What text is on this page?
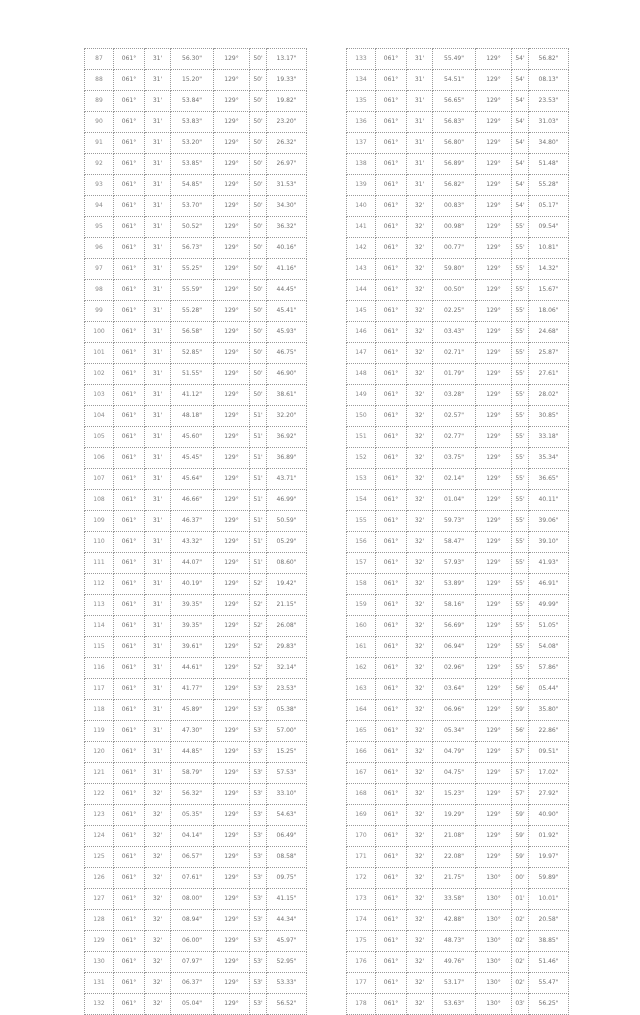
87	061°	31'	56.30"	129°	50'	13.17"
88	061°	31'	15.20"	129°	50'	19.33"
89	061°	31'	53.84"	129°	50'	19.82"
90	061°	31'	53.83"	129°	50'	23.20"
91	061°	31'	53.20"	129°	50'	26.32"
92	061°	31'	53.85"	129°	50'	26.97"
93	061°	31'	54.85"	129°	50'	31.53"
94	061°	31'	53.70"	129°	50'	34.30"
95	061°	31'	50.52"	129°	50'	36.32"
96	061°	31'	56.73"	129°	50'	40.16"
97	061°	31'	55.25"	129°	50'	41.16"
98	061°	31'	55.59"	129°	50'	44.45"
99	061°	31'	55.28"	129°	50'	45.41"
100	061°	31'	56.58"	129°	50'	45.93"
101	061°	31'	52.85"	129°	50'	46.75"
102	061°	31'	51.55"	129°	50'	46.90"
103	061°	31'	41.12"	129°	50'	38.61"
104	061°	31'	48.18"	129°	51'	32.20"
105	061°	31'	45.60"	129°	51'	36.92"
106	061°	31'	45.45"	129°	51'	36.89"
107	061°	31'	45.64"	129°	51'	43.71"
108	061°	31'	46.66"	129°	51'	46.99"
109	061°	31'	46.37"	129°	51'	50.59"
110	061°	31'	43.32"	129°	51'	05.29"
111	061°	31'	44.07"	129°	51'	08.60"
112	061°	31'	40.19"	129°	52'	19.42"
113	061°	31'	39.35"	129°	52'	21.15"
114	061°	31'	39.35"	129°	52'	26.08"
115	061°	31'	39.61"	129°	52'	29.83"
116	061°	31'	44.61"	129°	52'	32.14"
117	061°	31'	41.77"	129°	53'	23.53"
118	061°	31'	45.89"	129°	53'	05.38"
119	061°	31'	47.30"	129°	53'	57.00"
120	061°	31'	44.85"	129°	53'	15.25"
121	061°	31'	58.79"	129°	53'	57.53"
122	061°	32'	56.32"	129°	53'	33.10"
123	061°	32'	05.35"	129°	53'	54.63"
124	061°	32'	04.14"	129°	53'	06.49"
125	061°	32'	06.57"	129°	53'	08.58"
126	061°	32'	07.61"	129°	53'	09.75"
127	061°	32'	08.00"	129°	53'	41.15"
128	061°	32'	08.94"	129°	53'	44.34"
129	061°	32'	06.00"	129°	53'	45.97"
130	061°	32'	07.97"	129°	53'	52.95"
131	061°	32'	06.37"	129°	53'	53.33"
132	061°	32'	05.04"	129°	53'	56.52"
133	061°	31'	55.49"	129°	54'	56.82"
134	061°	31'	54.51"	129°	54'	08.13"
135	061°	31'	56.65"	129°	54'	23.53"
136	061°	31'	56.83"	129°	54'	31.03"
137	061°	31'	56.80"	129°	54'	34.80"
138	061°	31'	56.89"	129°	54'	51.48"
139	061°	31'	56.82"	129°	54'	55.28"
140	061°	32'	00.83"	129°	54'	05.17"
141	061°	32'	00.98"	129°	55'	09.54"
142	061°	32'	00.77"	129°	55'	10.81"
143	061°	32'	59.80"	129°	55'	14.32"
144	061°	32'	00.50"	129°	55'	15.67"
145	061°	32'	02.25"	129°	55'	18.06"
146	061°	32'	03.43"	129°	55'	24.68"
147	061°	32'	02.71"	129°	55'	25.87"
148	061°	32'	01.79"	129°	55'	27.61"
149	061°	32'	03.28"	129°	55'	28.02"
150	061°	32'	02.57"	129°	55'	30.85"
151	061°	32'	02.77"	129°	55'	33.18"
152	061°	32'	03.75"	129°	55'	35.34"
153	061°	32'	02.14"	129°	55'	36.65"
154	061°	32'	01.04"	129°	55'	40.11"
155	061°	32'	59.73"	129°	55'	39.06"
156	061°	32'	58.47"	129°	55'	39.10"
157	061°	32'	57.93"	129°	55'	41.93"
158	061°	32'	53.89"	129°	55'	46.91"
159	061°	32'	58.16"	129°	55'	49.99"
160	061°	32'	56.69"	129°	55'	51.05"
161	061°	32'	06.94"	129°	55'	54.08"
162	061°	32'	02.96"	129°	55'	57.86"
163	061°	32'	03.64"	129°	56'	05.44"
164	061°	32'	06.96"	129°	59'	35.80"
165	061°	32'	05.34"	129°	56'	22.86"
166	061°	32'	04.79"	129°	57'	09.51"
167	061°	32'	04.75"	129°	57'	17.02"
168	061°	32'	15.23"	129°	57'	27.92"
169	061°	32'	19.29"	129°	59'	40.90"
170	061°	32'	21.08"	129°	59'	01.92"
171	061°	32'	22.08"	129°	59'	19.97"
172	061°	32'	21.75"	130°	00'	59.89"
173	061°	32'	33.58"	130°	01'	10.01"
174	061°	32'	42.88"	130°	02'	20.58"
175	061°	32'	48.73"	130°	02'	38.85"
176	061°	32'	49.76"	130°	02'	51.46"
177	061°	32'	53.17"	130°	02'	55.47"
178	061°	32'	53.63"	130°	03'	56.25"
